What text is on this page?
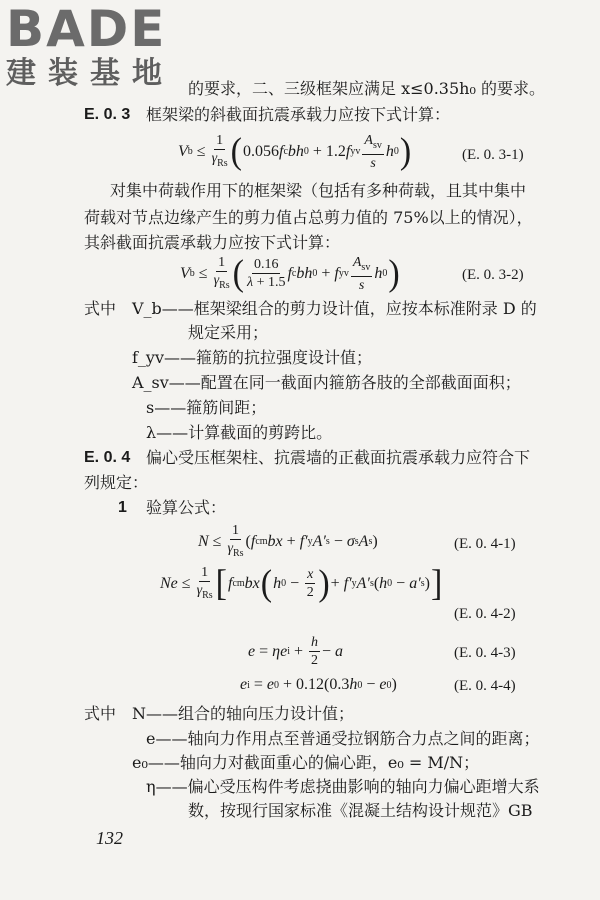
BADE
建装基地 的要求，二、三级框架应满足 x≤0.35h₀ 的要求。
E. 0. 3 框架梁的斜截面抗震承载力应按下式计算：
V $b \le \frac{1}{\gamma_{Rs}}$ ( 0.056 f c bh 0 + 1.2 f yv $\frac{A_{sv}}{s}$ h 0 )	(E. 0. 3-1)
对集中荷载作用下的框架梁（包括有多种荷载，且其中集中
荷载对节点边缘产生的剪力值占总剪力值的 75%以上的情况），
其斜截面抗震承载力应按下式计算：
V $b \le \frac{1}{\gamma_{Rs}}$ ( $\frac{0.16}{\lambda + 1.5}$ f c bh 0 + f yv $\frac{A_{sv}}{s}$ h 0 )	(E. 0. 3-2)
式中 V_b——框架梁组合的剪力设计值，应按本标准附录 D 的
规定采用；
f_yv——箍筋的抗拉强度设计值；
A_sv——配置在同一截面内箍筋各肢的全部截面面积；
s——箍筋间距；
λ——计算截面的剪跨比。
E. 0. 4 偏心受压框架柱、抗震墙的正截面抗震承载力应符合下
列规定：
1 验算公式：
$N \le \frac{1}{\gamma_{Rs}}$ ( f cm bx + f′ y A′ s − σ s A s )	(E. 0. 4-1)
$Ne \le \frac{1}{\gamma_{Rs}}$ [ f cm bx ( h $0 - \frac{x}{2}$ ) + f′ y A′ s ( h 0 − a′ s ) ]
(E. 0. 4-2)
e = ηe $i + \frac{h}{2} - a$	(E. 0. 4-3)
e i = e 0 + 0.12(0.3 h 0 − e 0 )	(E. 0. 4-4)
式中 N——组合的轴向压力设计值；
e——轴向力作用点至普通受拉钢筋合力点之间的距离；
e₀——轴向力对截面重心的偏心距，e₀ = M/N；
η——偏心受压构件考虑挠曲影响的轴向力偏心距增大系
数，按现行国家标准《混凝土结构设计规范》GB
132
